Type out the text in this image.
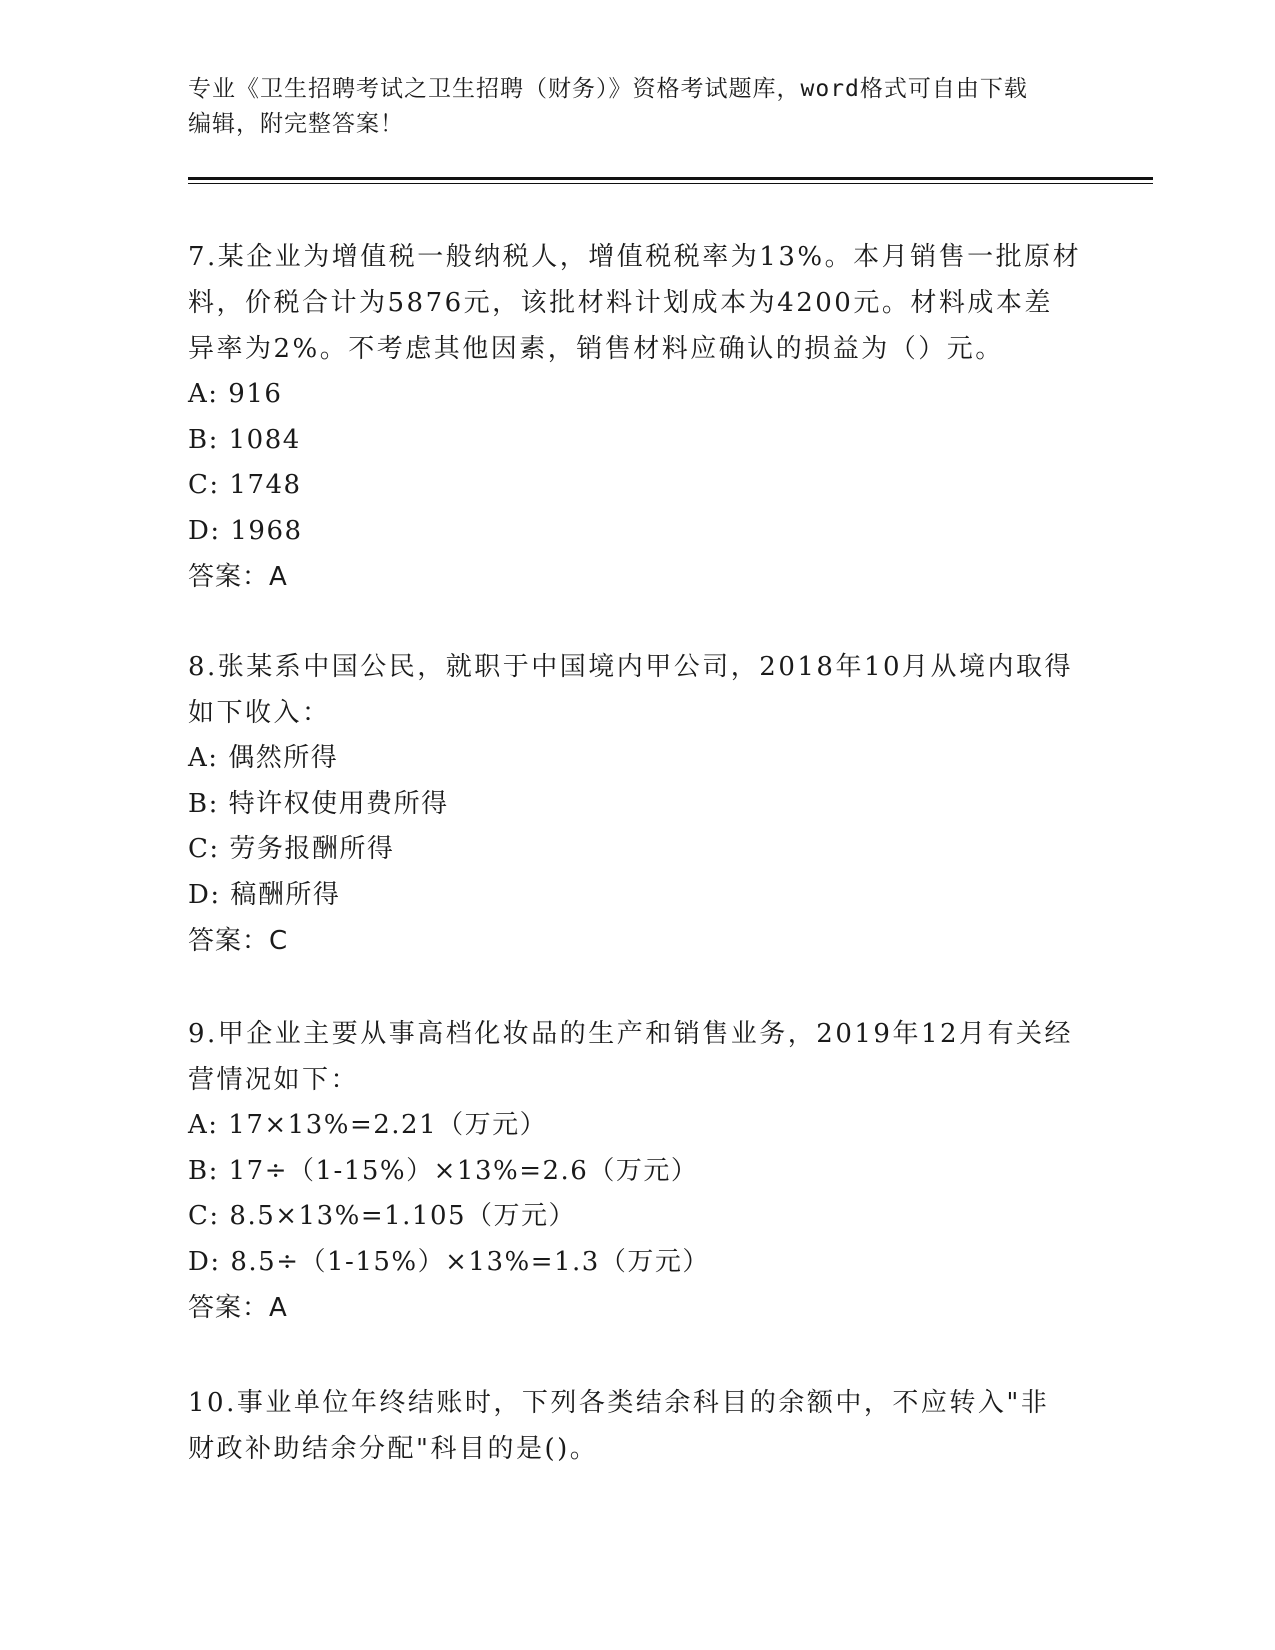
专业《卫生招聘考试之卫生招聘（财务）》资格考试题库，word格式可自由下载
编辑，附完整答案！
7.某企业为增值税一般纳税人，增值税税率为13%。本月销售一批原材
料，价税合计为5876元，该批材料计划成本为4200元。材料成本差
异率为2%。不考虑其他因素，销售材料应确认的损益为（）元。
A: 916
B: 1084
C: 1748
D: 1968
答案：A
8.张某系中国公民，就职于中国境内甲公司，2018年10月从境内取得
如下收入：
A: 偶然所得
B: 特许权使用费所得
C: 劳务报酬所得
D: 稿酬所得
答案：C
9.甲企业主要从事高档化妆品的生产和销售业务，2019年12月有关经
营情况如下：
A: 17×13%=2.21（万元）
B: 17÷（1-15%）×13%=2.6（万元）
C: 8.5×13%=1.105（万元）
D: 8.5÷（1-15%）×13%=1.3（万元）
答案：A
10.事业单位年终结账时，下列各类结余科目的余额中，不应转入"非
财政补助结余分配"科目的是()。
